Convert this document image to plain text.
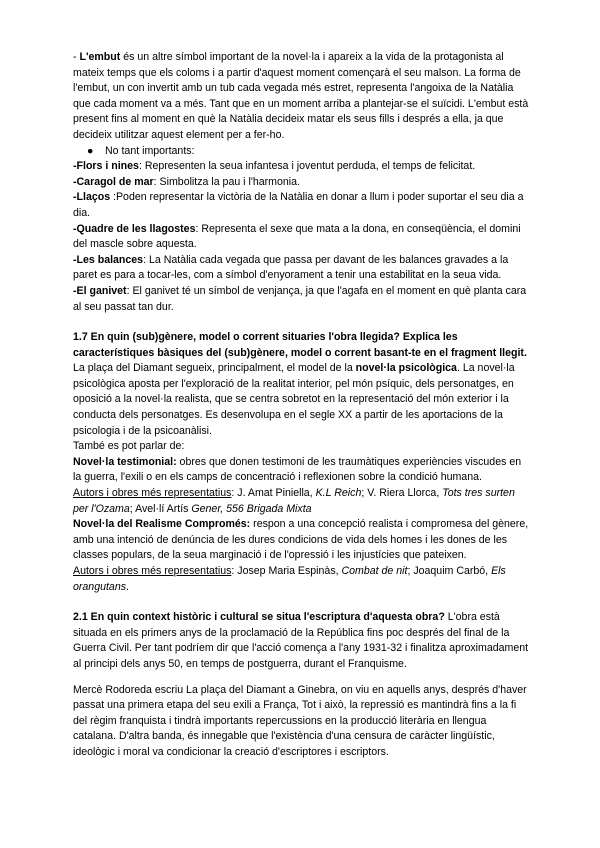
- L'embut és un altre símbol important de la novel·la i apareix a la vida de la protagonista al mateix temps que els coloms i a partir d'aquest moment començarà el seu malson. La forma de l'embut, un con invertit amb un tub cada vegada més estret, representa l'angoixa de la Natàlia que cada moment va a més. Tant que en un moment arriba a plantejar-se el suïcidi. L'embut està present fins al moment en què la Natàlia decideix matar els seus fills i després a ella, ja que decideix utilitzar aquest element per a fer-ho.

● No tant importants:

-Flors i nines: Representen la seua infantesa i joventut perduda, el temps de felicitat.

-Caragol de mar: Simbolitza la pau i l'harmonia.

-Llaços :Poden representar la victòria de la Natàlia en donar a llum i poder suportar el seu dia a dia.

-Quadre de les llagostes: Representa el sexe que mata a la dona, en conseqüència, el domini del mascle sobre aquesta.

-Les balances: La Natàlia cada vegada que passa per davant de les balances gravades a la paret es para a tocar-les, com a símbol d'enyorament a tenir una estabilitat en la seua vida.

-El ganivet: El ganivet té un símbol de venjança, ja que l'agafa en el moment en què planta cara al seu passat tan dur.

1.7 En quin (sub)gènere, model o corrent situaries l'obra llegida? Explica les característiques bàsiques del (sub)gènere, model o corrent basant-te en el fragment llegit.

La plaça del Diamant segueix, principalment, el model de la novel·la psicològica. La novel·la psicològica aposta per l'exploració de la realitat interior, pel món psíquic, dels personatges, en oposició a la novel·la realista, que se centra sobretot en la representació del món exterior i la conducta dels personatges. Es desenvolupa en el segle XX a partir de les aportacions de la psicologia i de la psicoanàlisi.

També es pot parlar de:

Novel·la testimonial: obres que donen testimoni de les traumàtiques experiències viscudes en la guerra, l'exili o en els camps de concentració i reflexionen sobre la condició humana.

Autors i obres més representatius: J. Amat Piniella, K.L Reich; V. Riera Llorca, Tots tres surten per l'Ozama; Avel·lí Artís Gener, 556 Brigada Mixta

Novel·la del Realisme Compromés: respon a una concepció realista i compromesa del gènere, amb una intenció de denúncia de les dures condicions de vida dels homes i les dones de les classes populars, de la seua marginació i de l'opressió i les injustícies que pateixen.

Autors i obres més representatius: Josep Maria Espinàs, Combat de nit; Joaquim Carbó, Els orangutans.

2.1 En quin context històric i cultural se situa l'escriptura d'aquesta obra? L'obra està situada en els primers anys de la proclamació de la República fins poc després del final de la Guerra Civil. Per tant podríem dir que l'acció comença a l'any 1931-32 i finalitza aproximadament al principi dels anys 50, en temps de postguerra, durant el Franquisme.

Mercè Rodoreda escriu La plaça del Diamant a Ginebra, on viu en aquells anys, després d'haver passat una primera etapa del seu exili a França, Tot i això, la repressió es mantindrà fins a la fi del règim franquista i tindrà importants repercussions en la producció literària en llengua catalana. D'altra banda, és innegable que l'existència d'una censura de caràcter lingüístic, ideològic i moral va condicionar la creació d'escriptores i escriptors.
